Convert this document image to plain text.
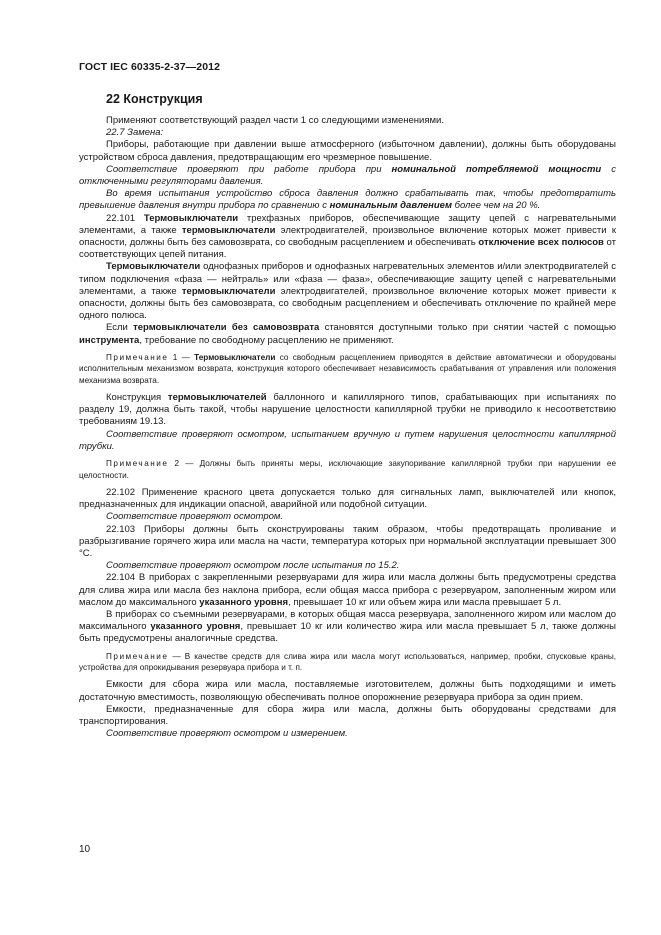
ГОСТ IEC 60335-2-37—2012
22 Конструкция

Применяют соответствующий раздел части 1 со следующими изменениями.

22.7 Замена:

Приборы, работающие при давлении выше атмосферного (избыточном давлении), должны быть оборудованы устройством сброса давления, предотвращающим его чрезмерное повышение.

Соответствие проверяют при работе прибора при номинальной потребляемой мощности с отключенными регуляторами давления.

Во время испытания устройство сброса давления должно срабатывать так, чтобы предотвратить превышение давления внутри прибора по сравнению с номинальным давлением более чем на 20 %.

22.101 Термовыключатели трехфазных приборов, обеспечивающие защиту цепей с нагревательными элементами, а также термовыключатели электродвигателей, произвольное включение которых может привести к опасности, должны быть без самовозврата, со свободным расцеплением и обеспечивать отключение всех полюсов от соответствующих цепей питания.

Термовыключатели однофазных приборов и однофазных нагревательных элементов и/или электродвигателей с типом подключения «фаза — нейтраль» или «фаза — фаза», обеспечивающие защиту цепей с нагревательными элементами, а также термовыключатели электродвигателей, произвольное включение которых может привести к опасности, должны быть без самовозврата, со свободным расцеплением и обеспечивать отключение по крайней мере одного полюса.

Если термовыключатели без самовозврата становятся доступными только при снятии частей с помощью инструмента, требование по свободному расцеплению не применяют.

Примечание 1 — Термовыключатели со свободным расцеплением приводятся в действие автоматически и оборудованы исполнительным механизмом возврата, конструкция которого обеспечивает независимость срабатывания от управления или положения механизма возврата.

Конструкция термовыключателей баллонного и капиллярного типов, срабатывающих при испытаниях по разделу 19, должна быть такой, чтобы нарушение целостности капиллярной трубки не приводило к несоответствию требованиям 19.13.

Соответствие проверяют осмотром, испытанием вручную и путем нарушения целостности капиллярной трубки.

Примечание 2 — Должны быть приняты меры, исключающие закупоривание капиллярной трубки при нарушении ее целостности.

22.102 Применение красного цвета допускается только для сигнальных ламп, выключателей или кнопок, предназначенных для индикации опасной, аварийной или подобной ситуации.

Соответствие проверяют осмотром.

22.103 Приборы должны быть сконструированы таким образом, чтобы предотвращать проливание и разбрызгивание горячего жира или масла на части, температура которых при нормальной эксплуатации превышает 300 °С.

Соответствие проверяют осмотром после испытания по 15.2.

22.104 В приборах с закрепленными резервуарами для жира или масла должны быть предусмотрены средства для слива жира или масла без наклона прибора, если общая масса прибора с резервуаром, заполненным жиром или маслом до максимального указанного уровня, превышает 10 кг или объем жира или масла превышает 5 л.

В приборах со съемными резервуарами, в которых общая масса резервуара, заполненного жиром или маслом до максимального указанного уровня, превышает 10 кг или количество жира или масла превышает 5 л, также должны быть предусмотрены аналогичные средства.

Примечание — В качестве средств для слива жира или масла могут использоваться, например, пробки, спусковые краны, устройства для опрокидывания резервуара прибора и т. п.

Емкости для сбора жира или масла, поставляемые изготовителем, должны быть подходящими и иметь достаточную вместимость, позволяющую обеспечивать полное опорожнение резервуара прибора за один прием.

Емкости, предназначенные для сбора жира или масла, должны быть оборудованы средствами для транспортирования.

Соответствие проверяют осмотром и измерением.

10
